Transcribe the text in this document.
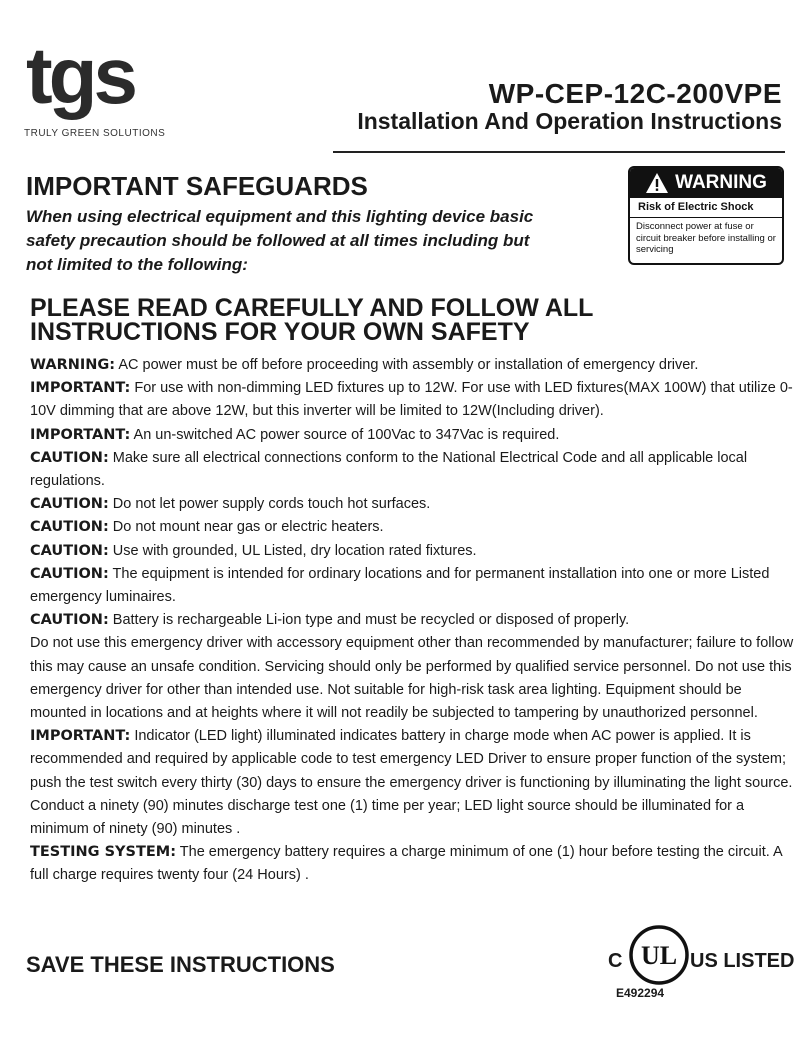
tgs
TRULY GREEN SOLUTIONS
WP-CEP-12C-200VPE
Installation And Operation Instructions
IMPORTANT SAFEGUARDS
When using electrical equipment and this lighting device basic safety precaution should be followed at all times including but not limited to the following:
WARNING
Risk of Electric Shock
Disconnect power at fuse or circuit breaker before installing or servicing
PLEASE READ CAREFULLY AND FOLLOW ALL
INSTRUCTIONS FOR YOUR OWN SAFETY

WARNING: AC power must be off before proceeding with assembly or installation of emergency driver.

IMPORTANT: For use with non-dimming LED fixtures up to 12W. For use with LED fixtures(MAX 100W) that utilize 0-10V dimming that are above 12W, but this inverter will be limited to 12W(Including driver).

IMPORTANT: An un-switched AC power source of 100Vac to 347Vac is required.

CAUTION: Make sure all electrical connections conform to the National Electrical Code and all applicable local regulations.

CAUTION: Do not let power supply cords touch hot surfaces.

CAUTION: Do not mount near gas or electric heaters.

CAUTION: Use with grounded, UL Listed, dry location rated fixtures.

CAUTION: The equipment is intended for ordinary locations and for permanent installation into one or more Listed emergency luminaires.

CAUTION: Battery is rechargeable Li-ion type and must be recycled or disposed of properly.

Do not use this emergency driver with accessory equipment other than recommended by manufacturer; failure to follow this may cause an unsafe condition. Servicing should only be performed by qualified service personnel. Do not use this emergency driver for other than intended use. Not suitable for high-risk task area lighting. Equipment should be mounted in locations and at heights where it will not readily be subjected to tampering by unauthorized personnel.

IMPORTANT: Indicator (LED light) illuminated indicates battery in charge mode when AC power is applied. It is recommended and required by applicable code to test emergency LED Driver to ensure proper function of the system; push the test switch every thirty (30) days to ensure the emergency driver is functioning by illuminating the light source. Conduct a ninety (90) minutes discharge test one (1) time per year; LED light source should be illuminated for a minimum of ninety (90) minutes .

TESTING SYSTEM: The emergency battery requires a charge minimum of one (1) hour before testing the circuit. A full charge requires twenty four (24 Hours) .

SAVE THESE INSTRUCTIONS	C UL US LISTED
E492294
